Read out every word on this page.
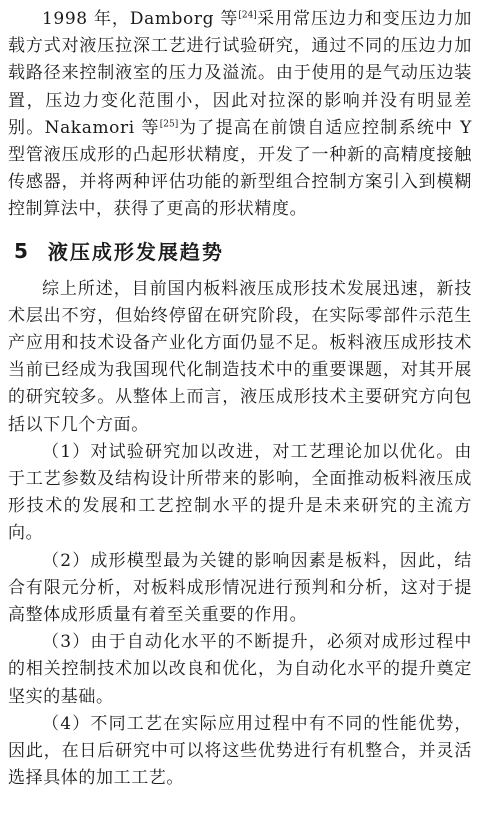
1998 年，Damborg 等[24]采用常压边力和变压边力加载方式对液压拉深工艺进行试验研究，通过不同的压边力加载路径来控制液室的压力及溢流。由于使用的是气动压边装置，压边力变化范围小，因此对拉深的影响并没有明显差别。Nakamori 等[25]为了提高在前馈自适应控制系统中 Y 型管液压成形的凸起形状精度，开发了一种新的高精度接触传感器，并将两种评估功能的新型组合控制方案引入到模糊控制算法中，获得了更高的形状精度。

5 液压成形发展趋势

综上所述，目前国内板料液压成形技术发展迅速，新技术层出不穷，但始终停留在研究阶段，在实际零部件示范生产应用和技术设备产业化方面仍显不足。板料液压成形技术当前已经成为我国现代化制造技术中的重要课题，对其开展的研究较多。从整体上而言，液压成形技术主要研究方向包括以下几个方面。

（1）对试验研究加以改进，对工艺理论加以优化。由于工艺参数及结构设计所带来的影响，全面推动板料液压成形技术的发展和工艺控制水平的提升是未来研究的主流方向。

（2）成形模型最为关键的影响因素是板料，因此，结合有限元分析，对板料成形情况进行预判和分析，这对于提高整体成形质量有着至关重要的作用。

（3）由于自动化水平的不断提升，必须对成形过程中的相关控制技术加以改良和优化，为自动化水平的提升奠定坚实的基础。

（4）不同工艺在实际应用过程中有不同的性能优势，因此，在日后研究中可以将这些优势进行有机整合，并灵活选择具体的加工工艺。
